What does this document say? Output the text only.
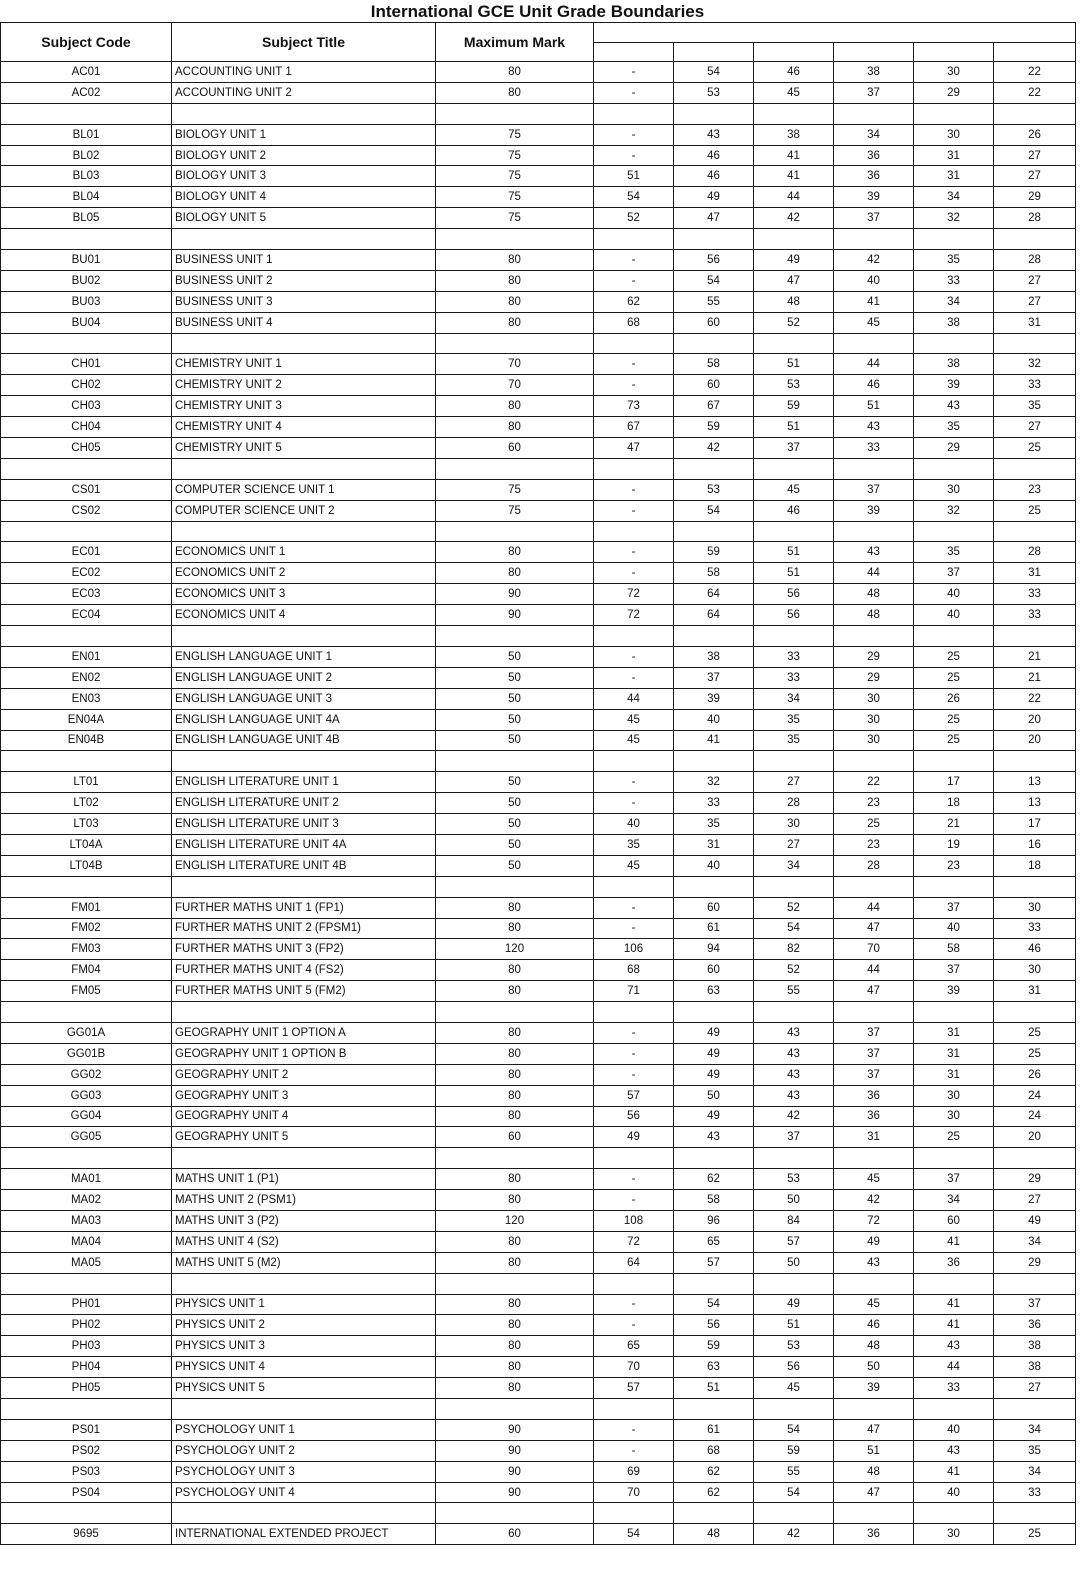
International GCE Unit Grade Boundaries
Subject Code	Subject Title	Maximum Mark						

AC01	ACCOUNTING UNIT 1	80	-	54	46	38	30	22
AC02	ACCOUNTING UNIT 2	80	-	53	45	37	29	22

BL01	BIOLOGY UNIT 1	75	-	43	38	34	30	26
BL02	BIOLOGY UNIT 2	75	-	46	41	36	31	27
BL03	BIOLOGY UNIT 3	75	51	46	41	36	31	27
BL04	BIOLOGY UNIT 4	75	54	49	44	39	34	29
BL05	BIOLOGY UNIT 5	75	52	47	42	37	32	28

BU01	BUSINESS UNIT 1	80	-	56	49	42	35	28
BU02	BUSINESS UNIT 2	80	-	54	47	40	33	27
BU03	BUSINESS UNIT 3	80	62	55	48	41	34	27
BU04	BUSINESS UNIT 4	80	68	60	52	45	38	31

CH01	CHEMISTRY UNIT 1	70	-	58	51	44	38	32
CH02	CHEMISTRY UNIT 2	70	-	60	53	46	39	33
CH03	CHEMISTRY UNIT 3	80	73	67	59	51	43	35
CH04	CHEMISTRY UNIT 4	80	67	59	51	43	35	27
CH05	CHEMISTRY UNIT 5	60	47	42	37	33	29	25

CS01	COMPUTER SCIENCE UNIT 1	75	-	53	45	37	30	23
CS02	COMPUTER SCIENCE UNIT 2	75	-	54	46	39	32	25

EC01	ECONOMICS UNIT 1	80	-	59	51	43	35	28
EC02	ECONOMICS UNIT 2	80	-	58	51	44	37	31
EC03	ECONOMICS UNIT 3	90	72	64	56	48	40	33
EC04	ECONOMICS UNIT 4	90	72	64	56	48	40	33

EN01	ENGLISH LANGUAGE UNIT 1	50	-	38	33	29	25	21
EN02	ENGLISH LANGUAGE UNIT 2	50	-	37	33	29	25	21
EN03	ENGLISH LANGUAGE UNIT 3	50	44	39	34	30	26	22
EN04A	ENGLISH LANGUAGE UNIT 4A	50	45	40	35	30	25	20
EN04B	ENGLISH LANGUAGE UNIT 4B	50	45	41	35	30	25	20

LT01	ENGLISH LITERATURE UNIT 1	50	-	32	27	22	17	13
LT02	ENGLISH LITERATURE UNIT 2	50	-	33	28	23	18	13
LT03	ENGLISH LITERATURE UNIT 3	50	40	35	30	25	21	17
LT04A	ENGLISH LITERATURE UNIT 4A	50	35	31	27	23	19	16
LT04B	ENGLISH LITERATURE UNIT 4B	50	45	40	34	28	23	18

FM01	FURTHER MATHS UNIT 1 (FP1)	80	-	60	52	44	37	30
FM02	FURTHER MATHS UNIT 2 (FPSM1)	80	-	61	54	47	40	33
FM03	FURTHER MATHS UNIT 3 (FP2)	120	106	94	82	70	58	46
FM04	FURTHER MATHS UNIT 4 (FS2)	80	68	60	52	44	37	30
FM05	FURTHER MATHS UNIT 5 (FM2)	80	71	63	55	47	39	31

GG01A	GEOGRAPHY UNIT 1 OPTION A	80	-	49	43	37	31	25
GG01B	GEOGRAPHY UNIT 1 OPTION B	80	-	49	43	37	31	25
GG02	GEOGRAPHY UNIT 2	80	-	49	43	37	31	26
GG03	GEOGRAPHY UNIT 3	80	57	50	43	36	30	24
GG04	GEOGRAPHY UNIT 4	80	56	49	42	36	30	24
GG05	GEOGRAPHY UNIT 5	60	49	43	37	31	25	20

MA01	MATHS UNIT 1 (P1)	80	-	62	53	45	37	29
MA02	MATHS UNIT 2 (PSM1)	80	-	58	50	42	34	27
MA03	MATHS UNIT 3 (P2)	120	108	96	84	72	60	49
MA04	MATHS UNIT 4 (S2)	80	72	65	57	49	41	34
MA05	MATHS UNIT 5 (M2)	80	64	57	50	43	36	29

PH01	PHYSICS UNIT 1	80	-	54	49	45	41	37
PH02	PHYSICS UNIT 2	80	-	56	51	46	41	36
PH03	PHYSICS UNIT 3	80	65	59	53	48	43	38
PH04	PHYSICS UNIT 4	80	70	63	56	50	44	38
PH05	PHYSICS UNIT 5	80	57	51	45	39	33	27

PS01	PSYCHOLOGY UNIT 1	90	-	61	54	47	40	34
PS02	PSYCHOLOGY UNIT 2	90	-	68	59	51	43	35
PS03	PSYCHOLOGY UNIT 3	90	69	62	55	48	41	34
PS04	PSYCHOLOGY UNIT 4	90	70	62	54	47	40	33

9695	INTERNATIONAL EXTENDED PROJECT	60	54	48	42	36	30	25
